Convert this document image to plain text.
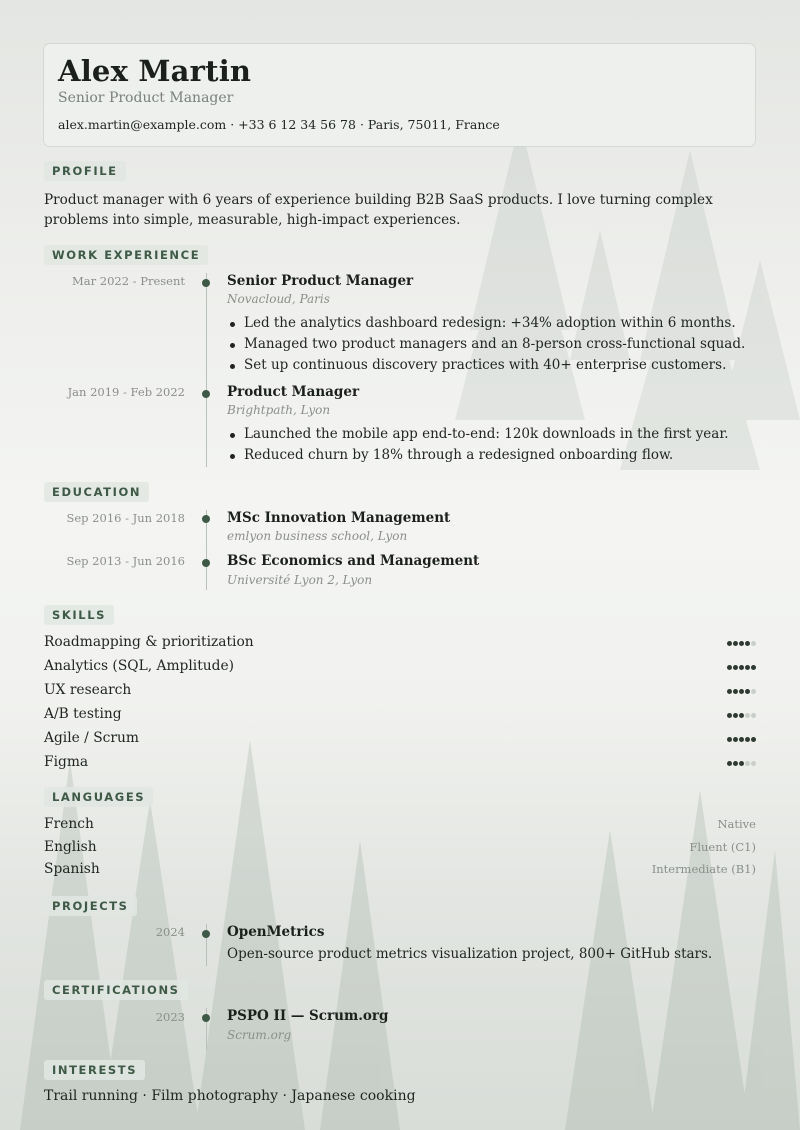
Alex Martin
Senior Product Manager
alex.martin@example.com · +33 6 12 34 56 78 · Paris, 75011, France
PROFILE
Product manager with 6 years of experience building B2B SaaS products. I love turning complex problems into simple, measurable, high-impact experiences.
WORK EXPERIENCE
Mar 2022 - Present	Senior Product Manager
Novacloud, Paris
Led the analytics dashboard redesign: +34% adoption within 6 months.
Managed two product managers and an 8-person cross-functional squad.
Set up continuous discovery practices with 40+ enterprise customers.
Jan 2019 - Feb 2022	Product Manager
Brightpath, Lyon
Launched the mobile app end-to-end: 120k downloads in the first year.
Reduced churn by 18% through a redesigned onboarding flow.
EDUCATION
Sep 2016 - Jun 2018	MSc Innovation Management
emlyon business school, Lyon
Sep 2013 - Jun 2016	BSc Economics and Management
Université Lyon 2, Lyon
SKILLS
Roadmapping & prioritization
Analytics (SQL, Amplitude)
UX research
A/B testing
Agile / Scrum
Figma
LANGUAGES
French	Native
English	Fluent (C1)
Spanish	Intermediate (B1)
PROJECTS
2024	OpenMetrics
Open-source product metrics visualization project, 800+ GitHub stars.
CERTIFICATIONS
2023	PSPO II — Scrum.org
Scrum.org
INTERESTS
Trail running · Film photography · Japanese cooking
